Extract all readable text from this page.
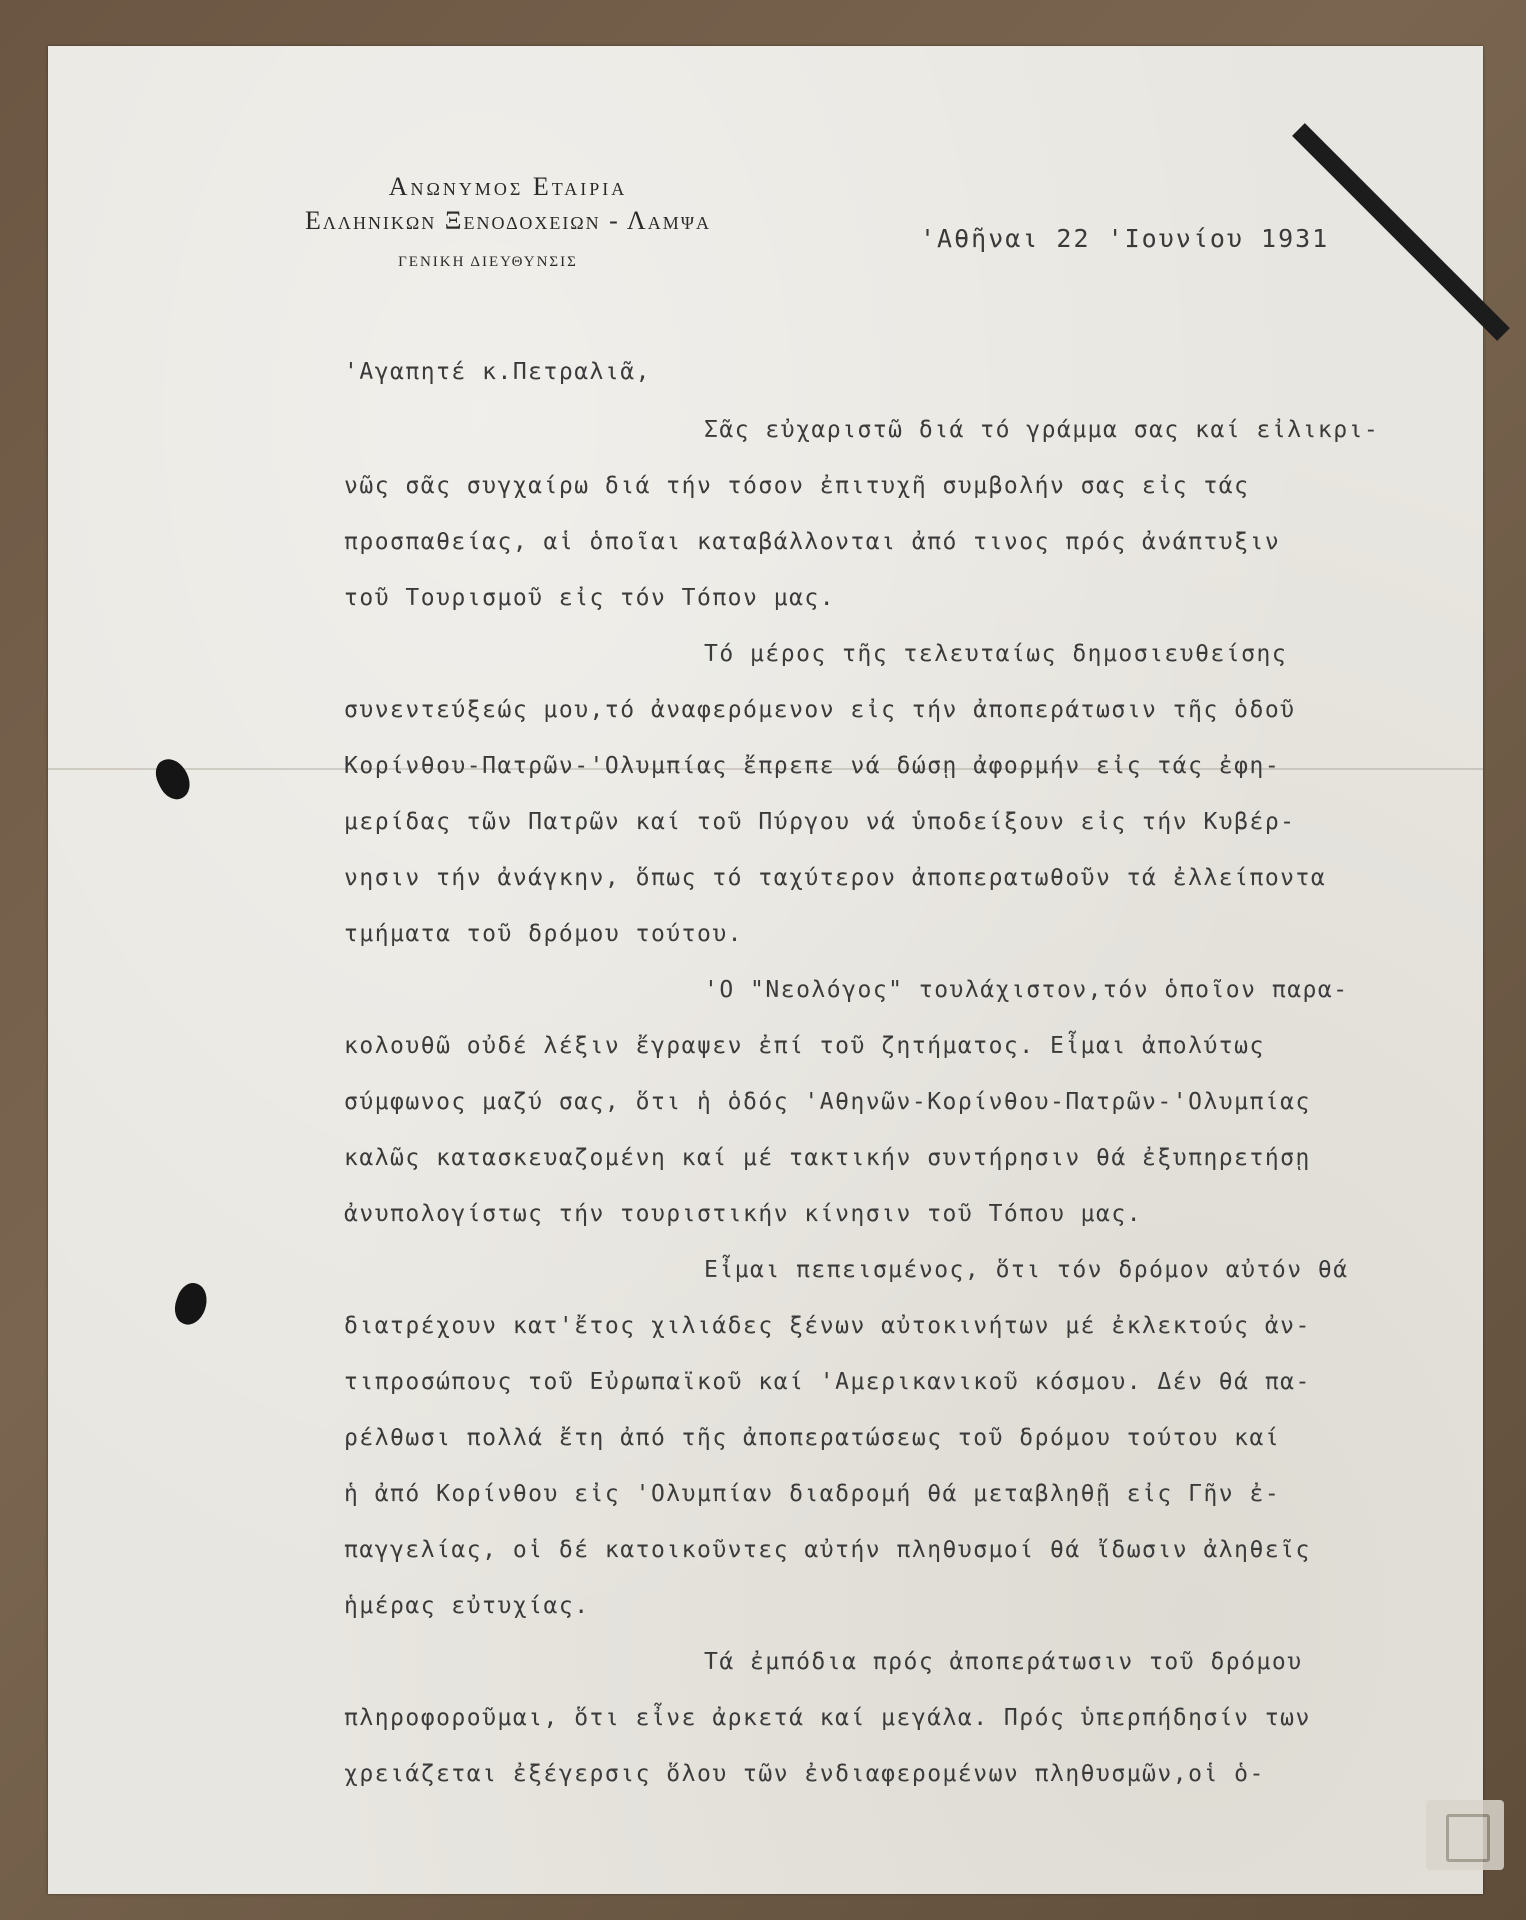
Ανωνυμος Εταιρια
Ελληνικων Ξενοδοχειων - Λαμψα
ΓΕΝΙΚΗ ΔΙΕΥΘΥΝΣΙΣ
'Αθῆναι 22 'Ιουνίου 1931
'Αγαπητέ κ.Πετραλιᾶ,
Σᾶς εὐχαριστῶ διά τό γράμμα σας καί εἰλικρι-
νῶς σᾶς συγχαίρω διά τήν τόσον ἐπιτυχῆ συμβολήν σας εἰς τάς
προσπαθείας, αἱ ὁποῖαι καταβάλλονται ἀπό τινος πρός ἀνάπτυξιν
τοῦ Τουρισμοῦ εἰς τόν Τόπον μας.
Τό μέρος τῆς τελευταίως δημοσιευθείσης
συνεντεύξεώς μου,τό ἀναφερόμενον εἰς τήν ἀποπεράτωσιν τῆς ὁδοῦ
Κορίνθου-Πατρῶν-'Ολυμπίας ἔπρεπε νά δώσῃ ἀφορμήν εἰς τάς ἐφη-
μερίδας τῶν Πατρῶν καί τοῦ Πύργου νά ὑποδείξουν εἰς τήν Κυβέρ-
νησιν τήν ἀνάγκην, ὅπως τό ταχύτερον ἀποπερατωθοῦν τά ἐλλείποντα
τμήματα τοῦ δρόμου τούτου.
'Ο "Νεολόγος" τουλάχιστον,τόν ὁποῖον παρα-
κολουθῶ οὐδέ λέξιν ἔγραψεν ἐπί τοῦ ζητήματος. Εἶμαι ἀπολύτως
σύμφωνος μαζύ σας, ὅτι ἡ ὁδός 'Αθηνῶν-Κορίνθου-Πατρῶν-'Ολυμπίας
καλῶς κατασκευαζομένη καί μέ τακτικήν συντήρησιν θά ἐξυπηρετήσῃ
ἀνυπολογίστως τήν τουριστικήν κίνησιν τοῦ Τόπου μας.
Εἶμαι πεπεισμένος, ὅτι τόν δρόμον αὐτόν θά
διατρέχουν κατ'ἔτος χιλιάδες ξένων αὐτοκινήτων μέ ἐκλεκτούς ἀν-
τιπροσώπους τοῦ Εὐρωπαϊκοῦ καί 'Αμερικανικοῦ κόσμου. Δέν θά πα-
ρέλθωσι πολλά ἔτη ἀπό τῆς ἀποπερατώσεως τοῦ δρόμου τούτου καί
ἡ ἀπό Κορίνθου εἰς 'Ολυμπίαν διαδρομή θά μεταβληθῇ εἰς Γῆν ἐ-
παγγελίας, οἱ δέ κατοικοῦντες αὐτήν πληθυσμοί θά ἴδωσιν ἀληθεῖς
ἡμέρας εὐτυχίας.
Τά ἐμπόδια πρός ἀποπεράτωσιν τοῦ δρόμου
πληροφοροῦμαι, ὅτι εἶνε ἀρκετά καί μεγάλα. Πρός ὑπερπήδησίν των
χρειάζεται ἐξέγερσις ὅλου τῶν ἐνδιαφερομένων πληθυσμῶν,οἱ ὁ-
